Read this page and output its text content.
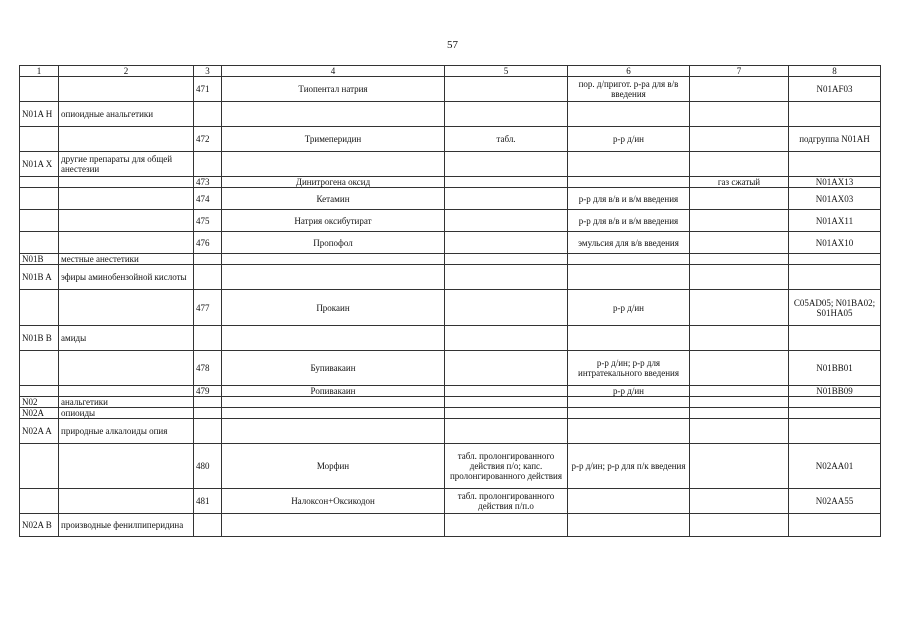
57
1	2	3	4	5	6	7	8
		471	Тиопентал натрия		пор. д/пригот. р-ра для в/в введения		N01AF03
N01A H	опиоидные анальгетики						
		472	Тримеперидин	табл.	р-р д/ин		подгруппа N01AH
N01A X	другие препараты для общей анестезии						
		473	Динитрогена оксид			газ сжатый	N01AX13
		474	Кетамин		р-р для в/в и в/м введения		N01AX03
		475	Натрия оксибутират		р-р для в/в и в/м введения		N01AX11
		476	Пропофол		эмульсия для в/в введения		N01AX10
N01B	местные анестетики						
N01B A	эфиры аминобензойной кислоты						
		477	Прокаин		р-р д/ин		C05AD05; N01BA02; S01HA05
N01B B	амиды						
		478	Бупивакаин		р-р д/ин; р-р для интратекального введения		N01BB01
		479	Ропивакаин		р-р д/ин		N01BB09
N02	анальгетики						
N02A	опиоиды						
N02A A	природные алкалоиды опия						
		480	Морфин	табл. пролонгированного действия п/о; капс. пролонгированного действия	р-р д/ин; р-р для п/к введения		N02AA01
		481	Налоксон+Оксикодон	табл. пролонгированного действия п/п.о			N02AA55
N02A B	производные фенилпиперидина						
